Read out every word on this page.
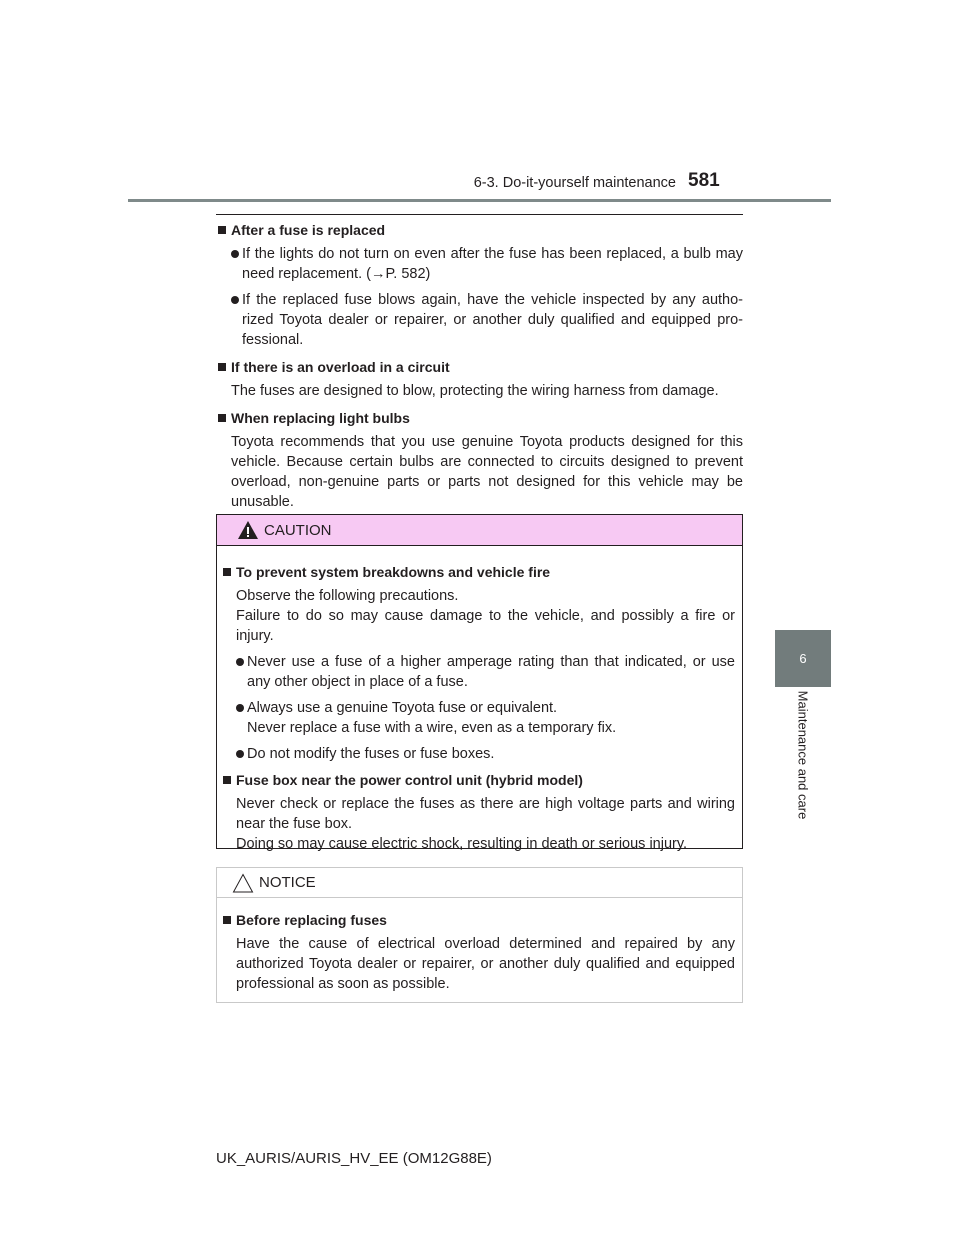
6-3. Do-it-yourself maintenance 581
6
Maintenance and care

After a fuse is replaced

If the lights do not turn on even after the fuse has been replaced, a bulb may need replacement. (→P. 582)

If the replaced fuse blows again, have the vehicle inspected by any autho-rized Toyota dealer or repairer, or another duly qualified and equipped pro-fessional.

If there is an overload in a circuit

The fuses are designed to blow, protecting the wiring harness from damage.

When replacing light bulbs

Toyota recommends that you use genuine Toyota products designed for this vehicle. Because certain bulbs are connected to circuits designed to prevent overload, non-genuine parts or parts not designed for this vehicle may be unusable.

CAUTION

To prevent system breakdowns and vehicle fire

Observe the following precautions.

Failure to do so may cause damage to the vehicle, and possibly a fire or injury.

Never use a fuse of a higher amperage rating than that indicated, or use any other object in place of a fuse.

Always use a genuine Toyota fuse or equivalent.

Never replace a fuse with a wire, even as a temporary fix.

Do not modify the fuses or fuse boxes.

Fuse box near the power control unit (hybrid model)

Never check or replace the fuses as there are high voltage parts and wiring near the fuse box.

Doing so may cause electric shock, resulting in death or serious injury.

NOTICE

Before replacing fuses

Have the cause of electrical overload determined and repaired by any authorized Toyota dealer or repairer, or another duly qualified and equipped professional as soon as possible.

UK_AURIS/AURIS_HV_EE (OM12G88E)
